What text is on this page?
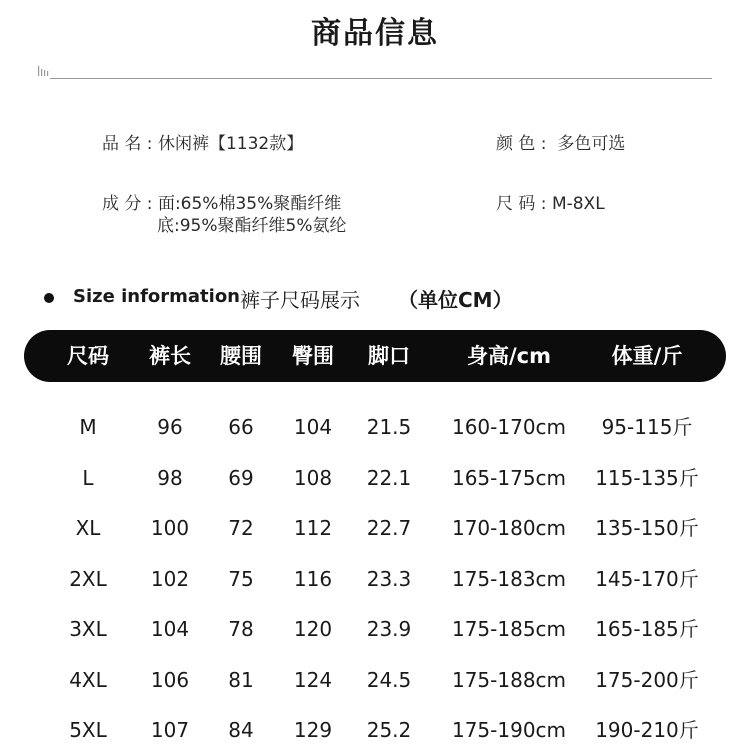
商品信息
品 名 : 休闲裤【1132款】	颜 色 :  多色可选
成 分 : 面:65%棉35%聚酯纤维
底:95%聚酯纤维5%氨纶
尺 码 : M-8XL
Size information 裤子尺码展示 （单位CM）
尺码 裤长 腰围 臀围 脚口	身高/cm	体重/斤
M	96 66 104 21.5 160-170cm 95-115斤
L	98 69 108 22.1 165-175cm 115-135斤
XL	100 72 112 22.7 170-180cm 135-150斤
2XL 102 75 116 23.3 175-183cm 145-170斤
3XL 104 78 120 23.9 175-185cm 165-185斤
4XL 106 81 124 24.5 175-188cm 175-200斤
5XL 107 84 129 25.2 175-190cm 190-210斤
